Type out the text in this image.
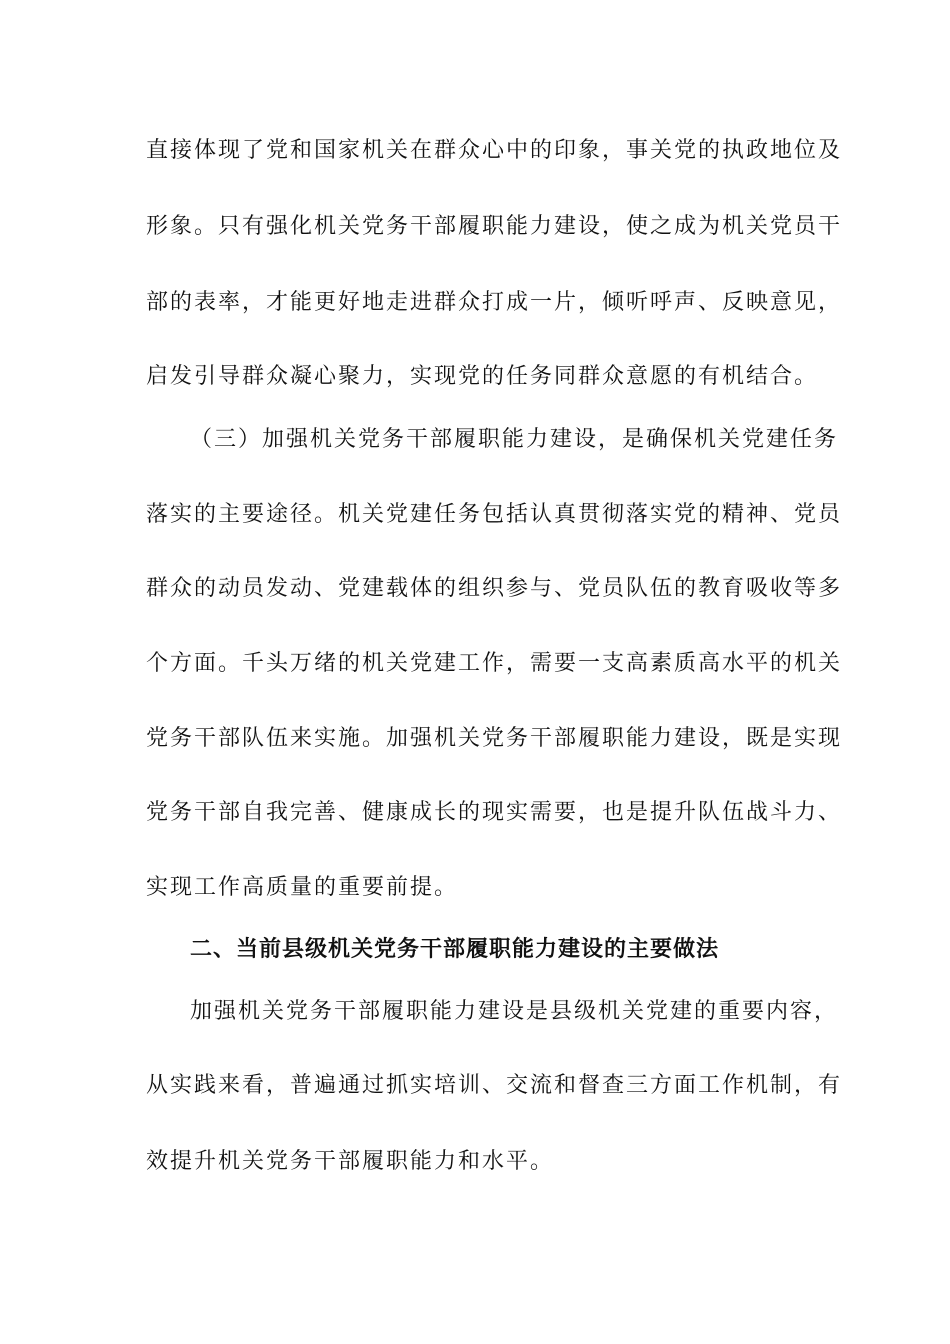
直接体现了党和国家机关在群众心中的印象，事关党的执政地位及
形象。只有强化机关党务干部履职能力建设，使之成为机关党员干
部的表率，才能更好地走进群众打成一片，倾听呼声、反映意见，
启发引导群众凝心聚力，实现党的任务同群众意愿的有机结合。
（三）加强机关党务干部履职能力建设，是确保机关党建任务
落实的主要途径。机关党建任务包括认真贯彻落实党的精神、党员
群众的动员发动、党建载体的组织参与、党员队伍的教育吸收等多
个方面。千头万绪的机关党建工作，需要一支高素质高水平的机关
党务干部队伍来实施。加强机关党务干部履职能力建设，既是实现
党务干部自我完善、健康成长的现实需要，也是提升队伍战斗力、
实现工作高质量的重要前提。
二、当前县级机关党务干部履职能力建设的主要做法
加强机关党务干部履职能力建设是县级机关党建的重要内容，
从实践来看，普遍通过抓实培训、交流和督查三方面工作机制，有
效提升机关党务干部履职能力和水平。
